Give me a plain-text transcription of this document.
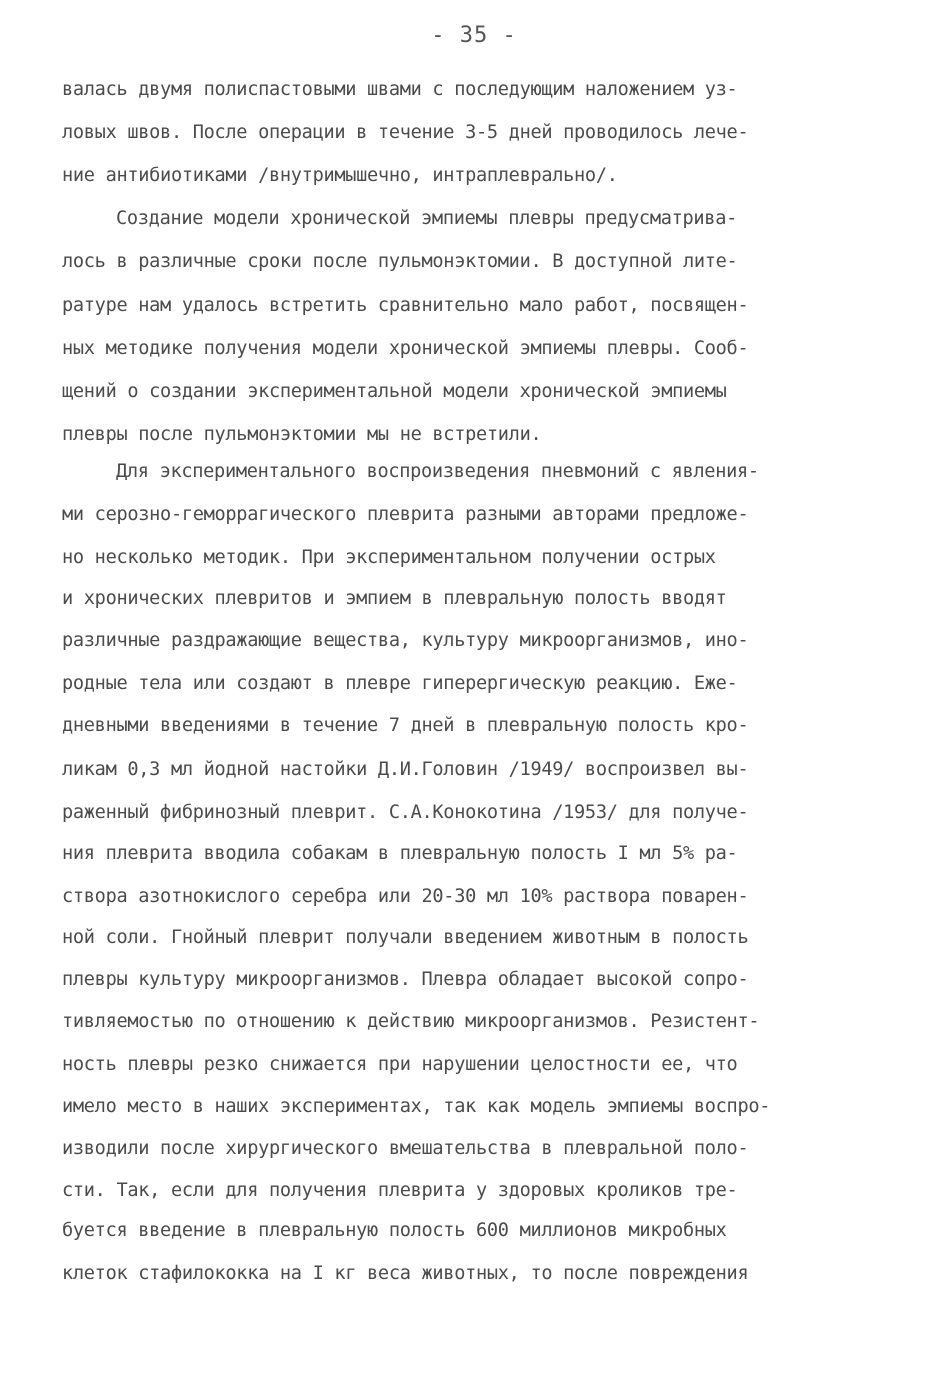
- 35 -
валась двумя полиспастовыми швами с последующим наложением уз-
ловых швов. После операции в течение 3-5 дней проводилось лече-
ние антибиотиками /внутримышечно, интраплеврально/.
Создание модели хронической эмпиемы плевры предусматрива-
лось в различные сроки после пульмонэктомии. В доступной лите-
ратуре нам удалось встретить сравнительно мало работ, посвящен-
ных методике получения модели хронической эмпиемы плевры. Сооб-
щений о создании экспериментальной модели хронической эмпиемы
плевры после пульмонэктомии мы не встретили.
Для экспериментального воспроизведения пневмоний с явления-
ми серозно-геморрагического плеврита разными авторами предложе-
но несколько методик. При экспериментальном получении острых
и хронических плевритов и эмпием в плевральную полость вводят
различные раздражающие вещества, культуру микроорганизмов, ино-
родные тела или создают в плевре гиперергическую реакцию. Еже-
дневными введениями в течение 7 дней в плевральную полость кро-
ликам 0,3 мл йодной настойки Д.И.Головин /1949/ воспроизвел вы-
раженный фибринозный плеврит. С.А.Конокотина /1953/ для получе-
ния плеврита вводила собакам в плевральную полость I мл 5% ра-
створа азотнокислого серебра или 20-30 мл 10% раствора поварен-
ной соли. Гнойный плеврит получали введением животным в полость
плевры культуру микроорганизмов. Плевра обладает высокой сопро-
тивляемостью по отношению к действию микроорганизмов. Резистент-
ность плевры резко снижается при нарушении целостности ее, что
имело место в наших экспериментах, так как модель эмпиемы воспро-
изводили после хирургического вмешательства в плевральной поло-
сти. Так, если для получения плеврита у здоровых кроликов тре-
буется введение в плевральную полость 600 миллионов микробных
клеток стафилококка на I кг веса животных, то после повреждения
